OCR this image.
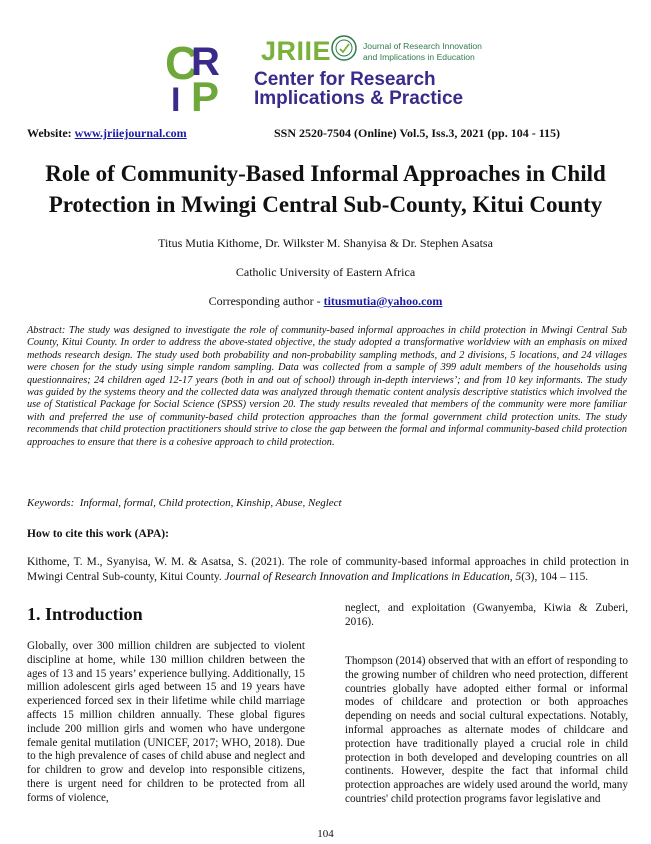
C
R
I P
JRIIE	Journal of Research Innovation
and Implications in Education
Center for Research
Implications & Practice
Website: www.jriiejournal.com	SSN 2520-7504 (Online) Vol.5, Iss.3, 2021 (pp. 104 - 115)
Role of Community-Based Informal Approaches in Child
Protection in Mwingi Central Sub-County, Kitui County
Titus Mutia Kithome, Dr. Wilkster M. Shanyisa & Dr. Stephen Asatsa
Catholic University of Eastern Africa
Corresponding author - titusmutia@yahoo.com
Abstract: The study was designed to investigate the role of community-based informal approaches in child protection in Mwingi Central Sub County, Kitui County. In order to address the above-stated objective, the study adopted a transformative worldview with an emphasis on mixed methods research design. The study used both probability and non-probability sampling methods, and 2 divisions, 5 locations, and 24 villages were chosen for the study using simple random sampling. Data was collected from a sample of 399 adult members of the households using questionnaires; 24 children aged 12-17 years (both in and out of school) through in-depth interviews’; and from 10 key informants. The study was guided by the systems theory and the collected data was analyzed through thematic content analysis descriptive statistics which involved the use of Statistical Package for Social Science (SPSS) version 20. The study results revealed that members of the community were more familiar with and preferred the use of community-based child protection approaches than the formal government child protection units. The study recommends that child protection practitioners should strive to close the gap between the formal and informal community-based child protection approaches to ensure that there is a cohesive approach to child protection.
Keywords: Informal, formal, Child protection, Kinship, Abuse, Neglect
How to cite this work (APA):
Kithome, T. M., Syanyisa, W. M. & Asatsa, S. (2021). The role of community-based informal approaches in child protection in Mwingi Central Sub-county, Kitui County. Journal of Research Innovation and Implications in Education, 5(3), 104 – 115.
1. Introduction
Globally, over 300 million children are subjected to violent discipline at home, while 130 million children between the ages of 13 and 15 years’ experience bullying. Additionally, 15 million adolescent girls aged between 15 and 19 years have experienced forced sex in their lifetime while child marriage affects 15 million children annually. These global figures include 200 million girls and women who have undergone female genital mutilation (UNICEF, 2017; WHO, 2018). Due to the high prevalence of cases of child abuse and neglect and for children to grow and develop into responsible citizens, there is urgent need for children to be protected from all forms of violence,
neglect, and exploitation (Gwanyemba, Kiwia & Zuberi, 2016).
Thompson (2014) observed that with an effort of responding to the growing number of children who need protection, different countries globally have adopted either formal or informal modes of childcare and protection or both approaches depending on needs and social cultural expectations. Notably, informal approaches as alternate modes of childcare and protection have traditionally played a crucial role in child protection in both developed and developing countries on all continents. However, despite the fact that informal child protection approaches are widely used around the world, many countries' child protection programs favor legislative and
104
